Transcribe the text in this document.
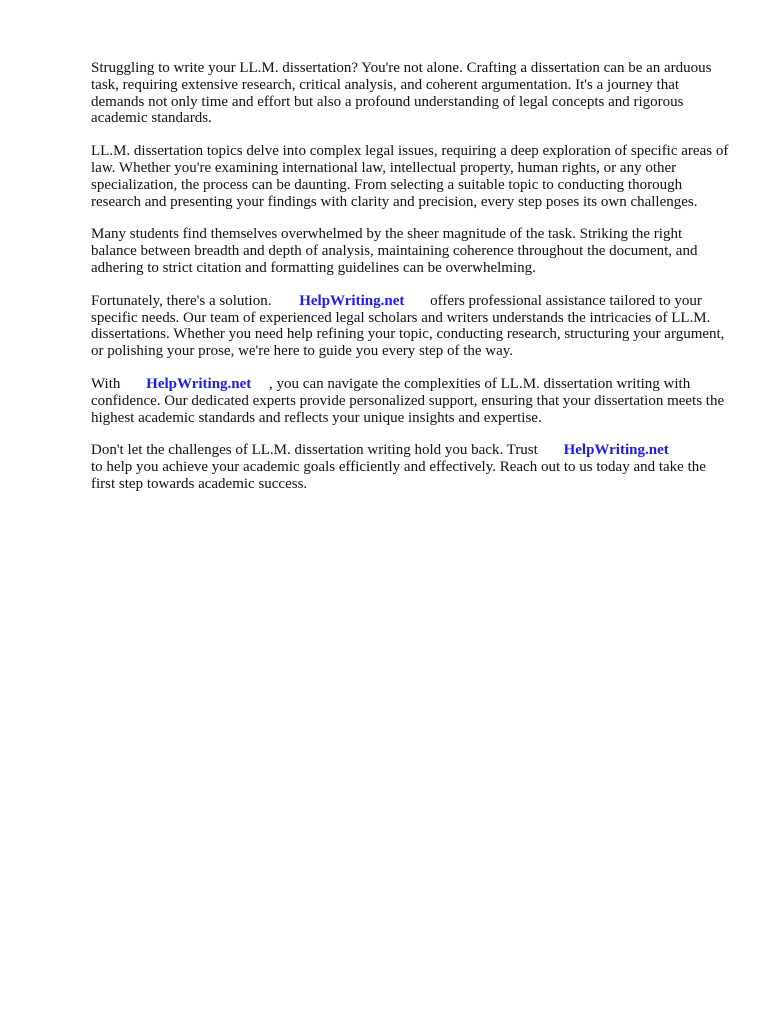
Struggling to write your LL.M. dissertation? You're not alone. Crafting a dissertation can be an arduous task, requiring extensive research, critical analysis, and coherent argumentation. It's a journey that demands not only time and effort but also a profound understanding of legal concepts and rigorous academic standards.

LL.M. dissertation topics delve into complex legal issues, requiring a deep exploration of specific areas of law. Whether you're examining international law, intellectual property, human rights, or any other specialization, the process can be daunting. From selecting a suitable topic to conducting thorough research and presenting your findings with clarity and precision, every step poses its own challenges.

Many students find themselves overwhelmed by the sheer magnitude of the task. Striking the right balance between breadth and depth of analysis, maintaining coherence throughout the document, and adhering to strict citation and formatting guidelines can be overwhelming.

Fortunately, there's a solution. HelpWriting.net offers professional assistance tailored to your specific needs. Our team of experienced legal scholars and writers understands the intricacies of LL.M. dissertations. Whether you need help refining your topic, conducting research, structuring your argument, or polishing your prose, we're here to guide you every step of the way.

With HelpWriting.net , you can navigate the complexities of LL.M. dissertation writing with confidence. Our dedicated experts provide personalized support, ensuring that your dissertation meets the highest academic standards and reflects your unique insights and expertise.

Don't let the challenges of LL.M. dissertation writing hold you back. Trust HelpWriting.net
to help you achieve your academic goals efficiently and effectively. Reach out to us today and take the first step towards academic success.
